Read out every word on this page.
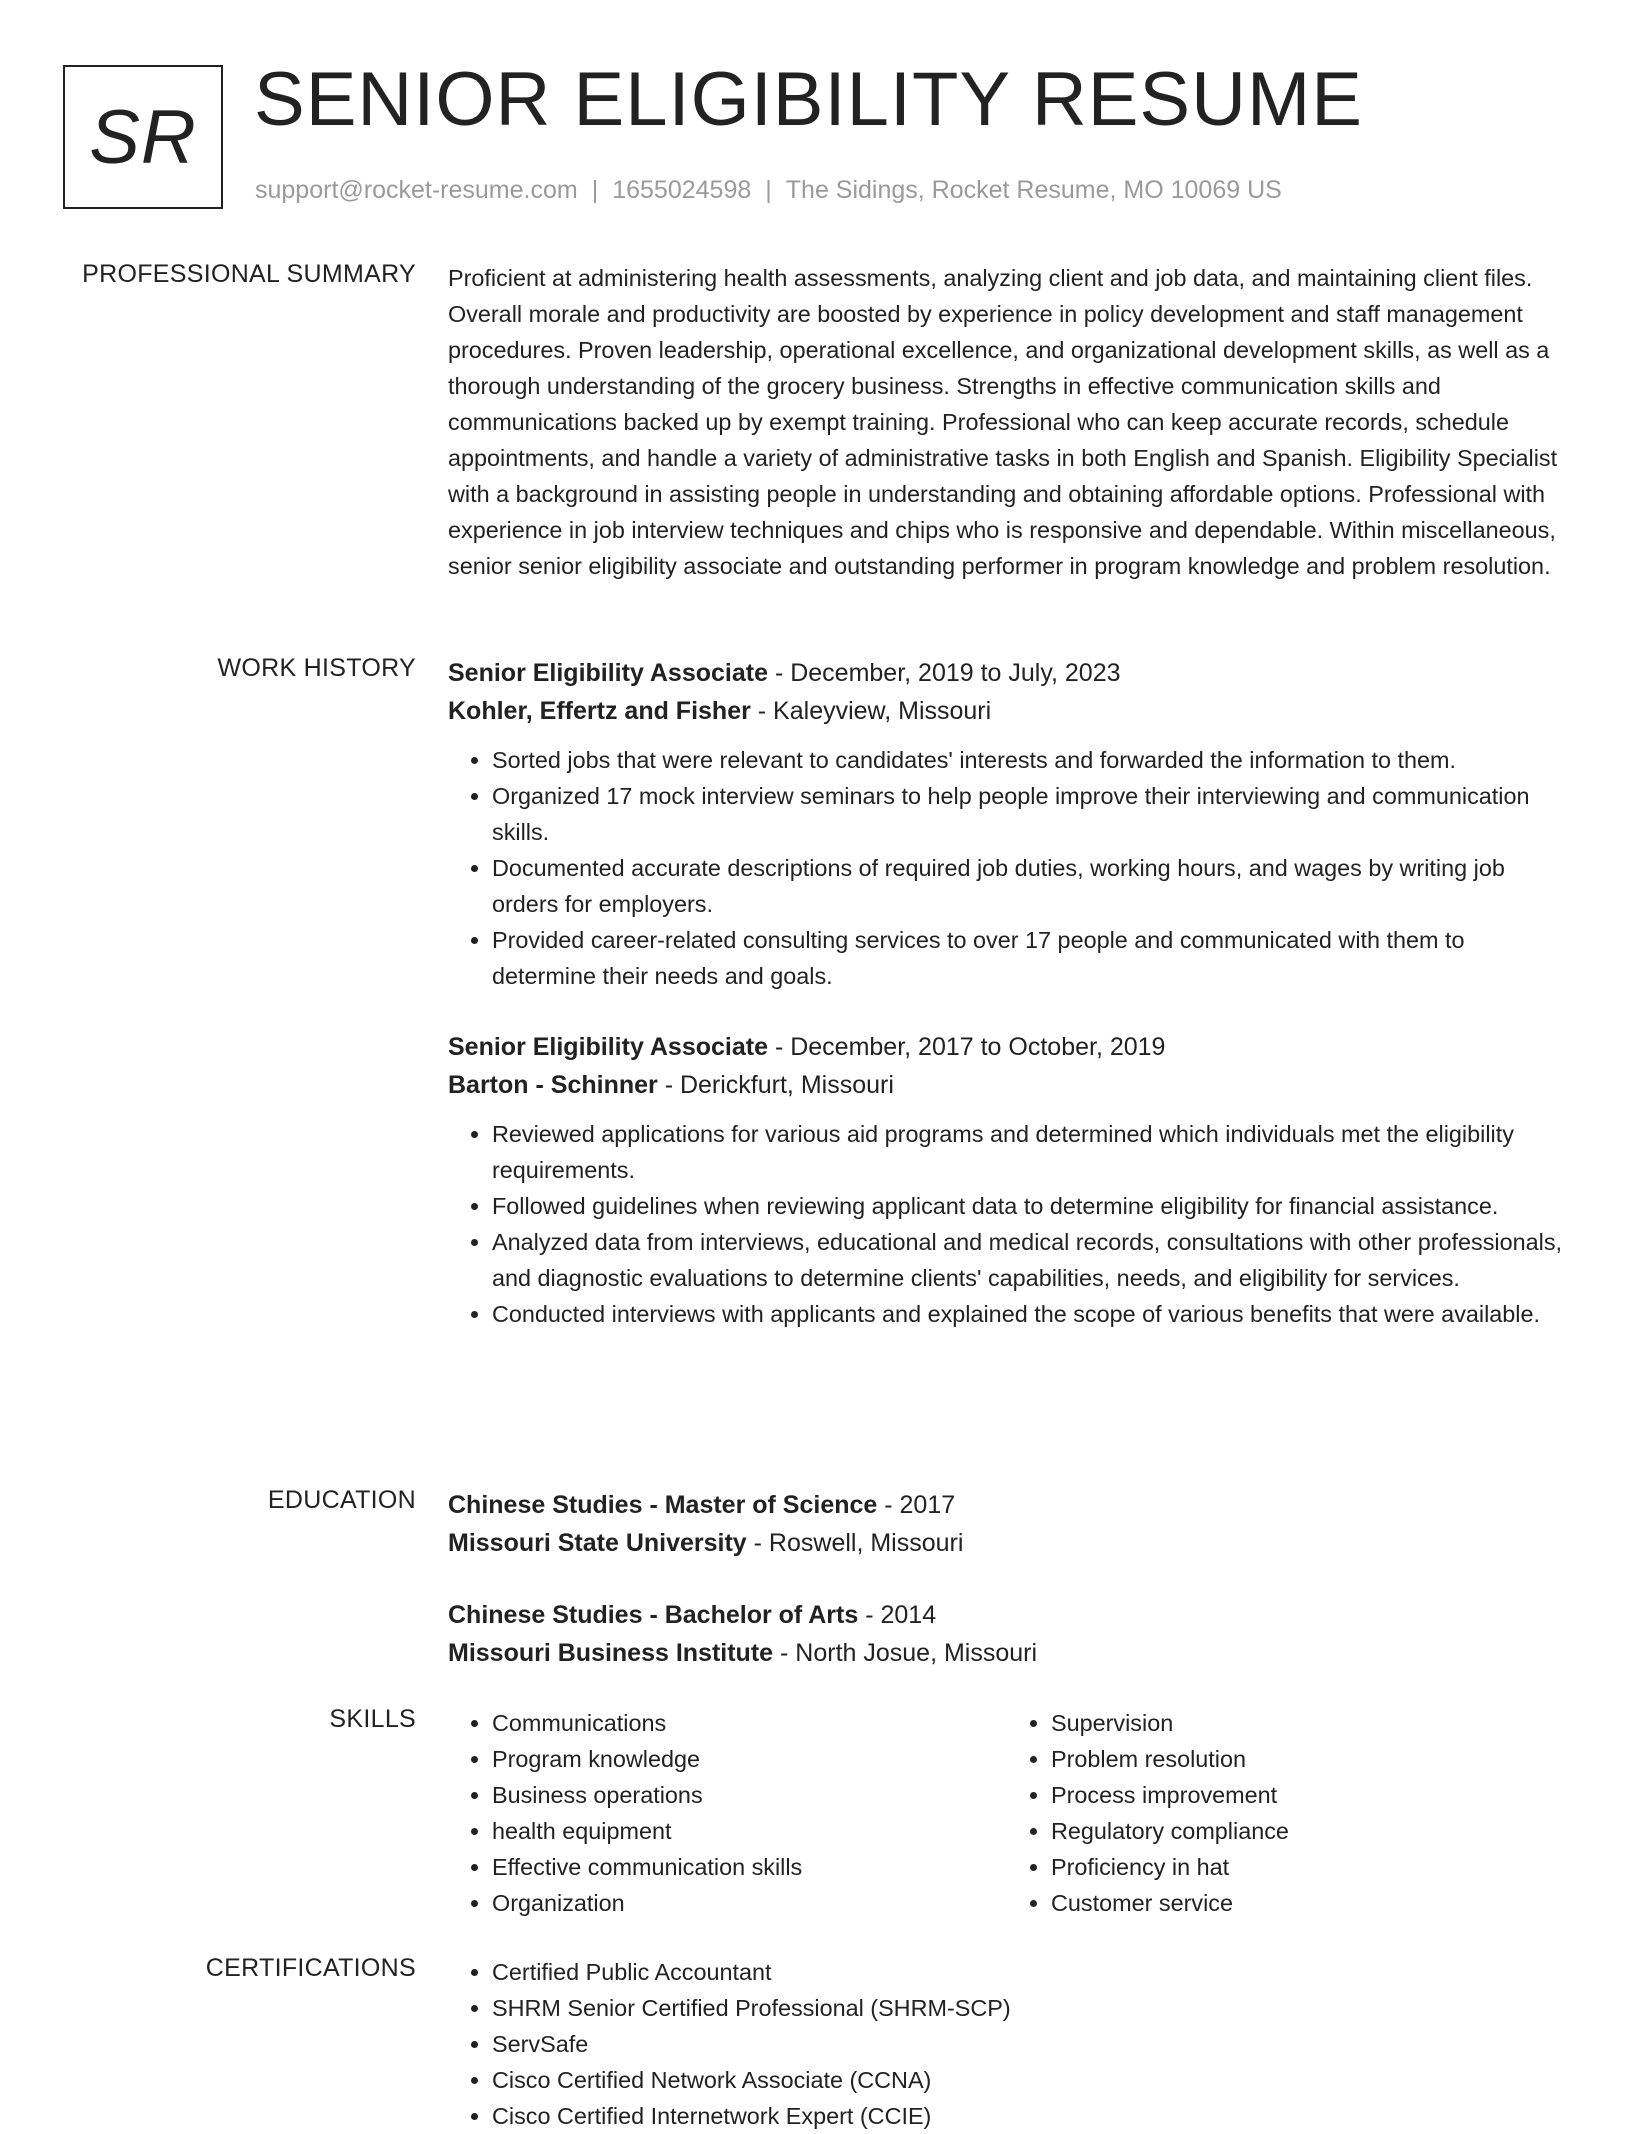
SR SENIOR ELIGIBILITY RESUME
support@rocket-resume.com | 1655024598 | The Sidings, Rocket Resume, MO 10069 US
PROFESSIONAL SUMMARY Proficient at administering health assessments, analyzing client and job data, and maintaining client files. Overall morale and productivity are boosted by experience in policy development and staff management procedures. Proven leadership, operational excellence, and organizational development skills, as well as a thorough understanding of the grocery business. Strengths in effective communication skills and communications backed up by exempt training. Professional who can keep accurate records, schedule appointments, and handle a variety of administrative tasks in both English and Spanish. Eligibility Specialist with a background in assisting people in understanding and obtaining affordable options. Professional with experience in job interview techniques and chips who is responsive and dependable. Within miscellaneous, senior senior eligibility associate and outstanding performer in program knowledge and problem resolution.

WORK HISTORY Senior Eligibility Associate - December, 2019 to July, 2023

Kohler, Effertz and Fisher - Kaleyview, Missouri

• Sorted jobs that were relevant to candidates' interests and forwarded the information to them.
• Organized 17 mock interview seminars to help people improve their interviewing and communication skills.
• Documented accurate descriptions of required job duties, working hours, and wages by writing job orders for employers.
• Provided career-related consulting services to over 17 people and communicated with them to determine their needs and goals.

Senior Eligibility Associate - December, 2017 to October, 2019

Barton - Schinner - Derickfurt, Missouri

• Reviewed applications for various aid programs and determined which individuals met the eligibility requirements.
• Followed guidelines when reviewing applicant data to determine eligibility for financial assistance.
• Analyzed data from interviews, educational and medical records, consultations with other professionals, and diagnostic evaluations to determine clients' capabilities, needs, and eligibility for services.
• Conducted interviews with applicants and explained the scope of various benefits that were available.
EDUCATION Chinese Studies - Master of Science - 2017

Missouri State University - Roswell, Missouri

Chinese Studies - Bachelor of Arts - 2014

Missouri Business Institute - North Josue, Missouri

SKILLS	• Communications
• Program knowledge
• Business operations
• health equipment
• Effective communication skills
• Organization
• Supervision
• Problem resolution
• Process improvement
• Regulatory compliance
• Proficiency in hat
• Customer service
CERTIFICATIONS	• Certified Public Accountant
• SHRM Senior Certified Professional (SHRM-SCP)
• ServSafe
• Cisco Certified Network Associate (CCNA)
• Cisco Certified Internetwork Expert (CCIE)
